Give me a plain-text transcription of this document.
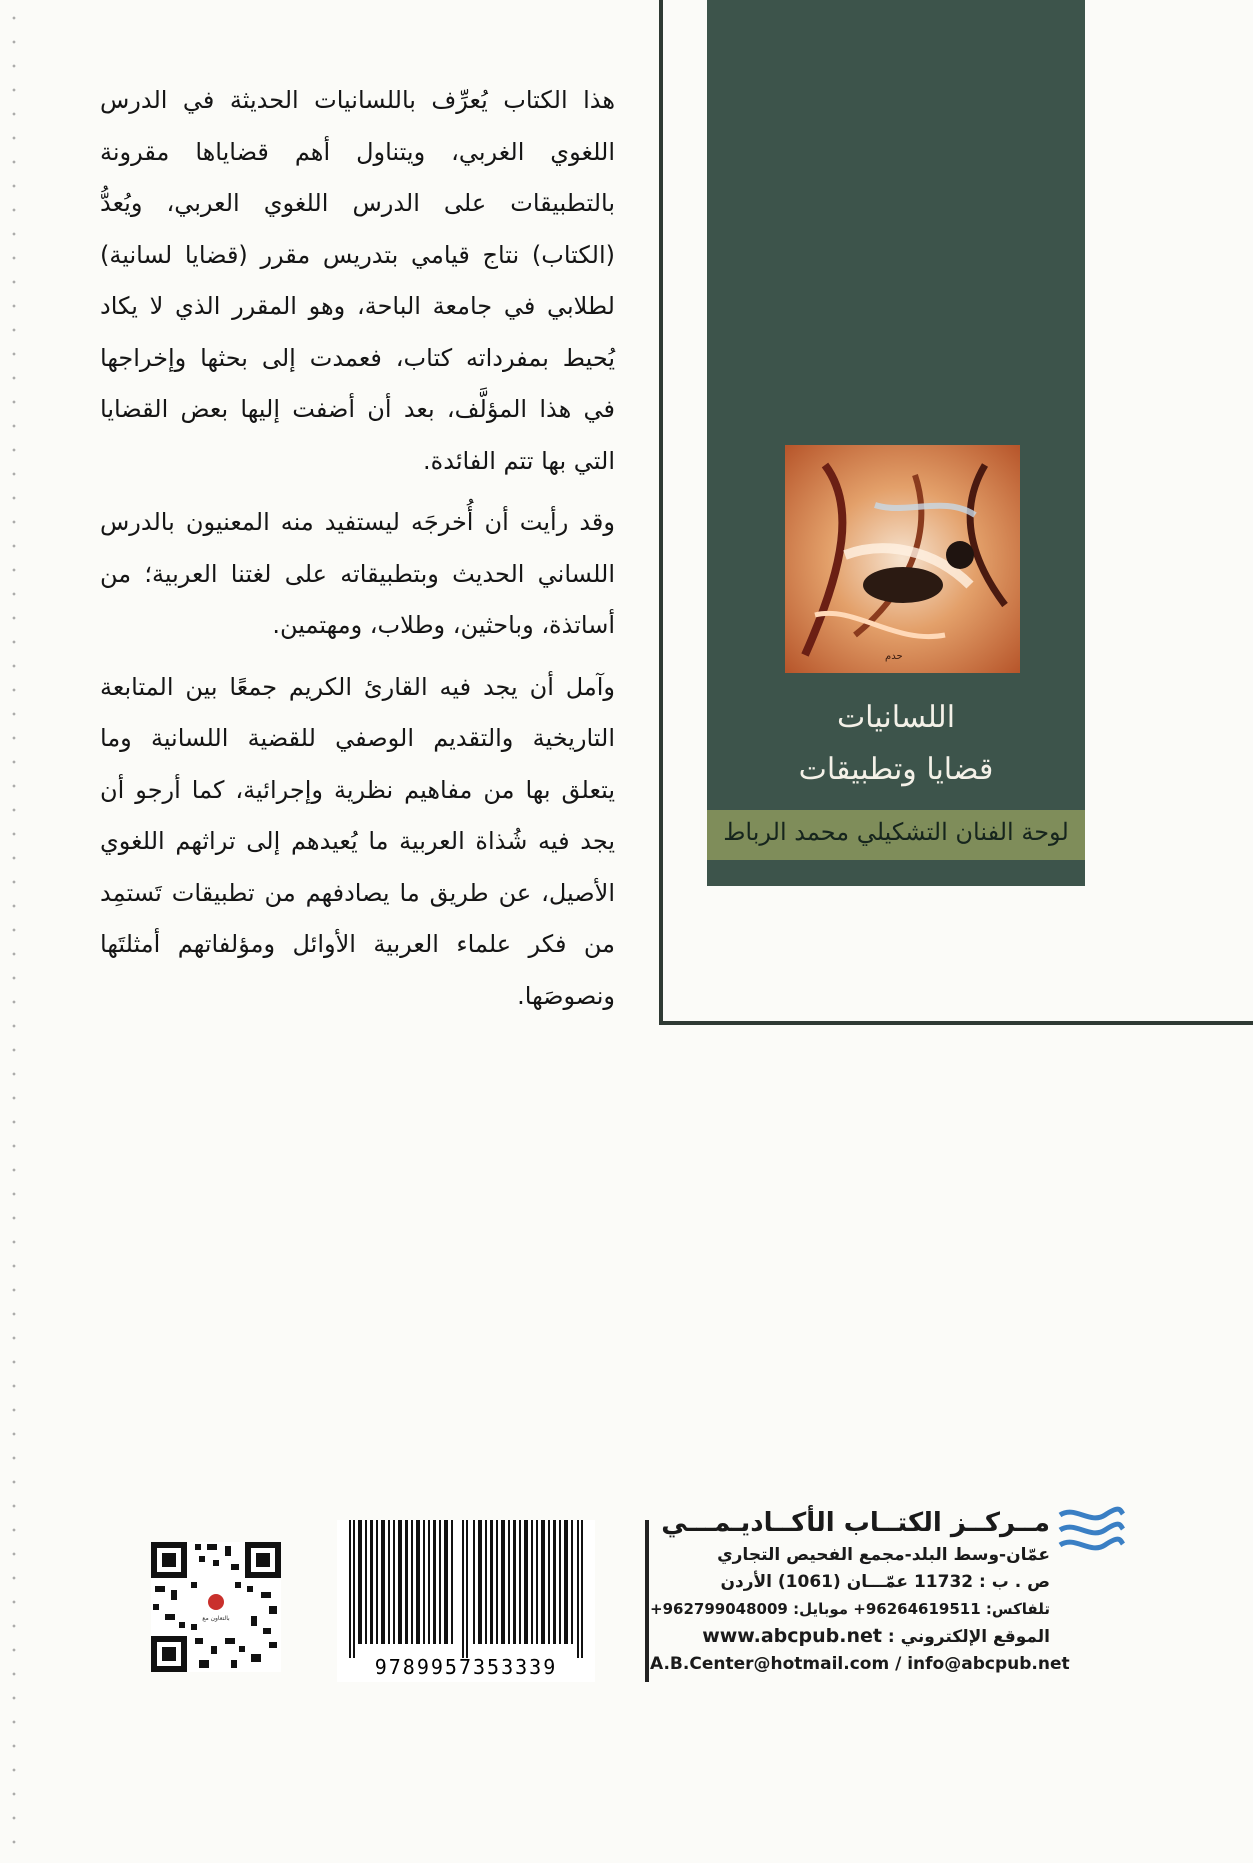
حدم
اللسانيات
قضايا وتطبيقات
لوحة الفنان التشكيلي محمد الرباط

هذا الكتاب يُعرِّف باللسانيات الحديثة في الدرس اللغوي الغربي، ويتناول أهم قضاياها مقرونة بالتطبيقات على الدرس اللغوي العربي، ويُعدُّ (الكتاب) نتاج قيامي بتدريس مقرر (قضايا لسانية) لطلابي في جامعة الباحة، وهو المقرر الذي لا يكاد يُحيط بمفرداته كتاب، فعمدت إلى بحثها وإخراجها في هذا المؤلَّف، بعد أن أضفت إليها بعض القضايا التي بها تتم الفائدة.

وقد رأيت أن أُخرجَه ليستفيد منه المعنيون بالدرس اللساني الحديث وبتطبيقاته على لغتنا العربية؛ من أساتذة، وباحثين، وطلاب، ومهتمين.

وآمل أن يجد فيه القارئ الكريم جمعًا بين المتابعة التاريخية والتقديم الوصفي للقضية اللسانية وما يتعلق بها من مفاهيم نظرية وإجرائية، كما أرجو أن يجد فيه شُذاة العربية ما يُعيدهم إلى تراثهم اللغوي الأصيل، عن طريق ما يصادفهم من تطبيقات تَستمِد من فكر علماء العربية الأوائل ومؤلفاتهم أمثلتَها ونصوصَها.

مــركــز الكتــاب الأكــاديـمـــي
عمّان-وسط البلد-مجمع الفحيص التجاري
ص . ب : 11732 عمّـــان (1061) الأردن
تلفاكس: 96264619511+ موبايل: 962799048009+
الموقع الإلكتروني : www.abcpub.net
A.B.Center@hotmail.com / info@abcpub.net
9789957353339
بالتعاون مع
